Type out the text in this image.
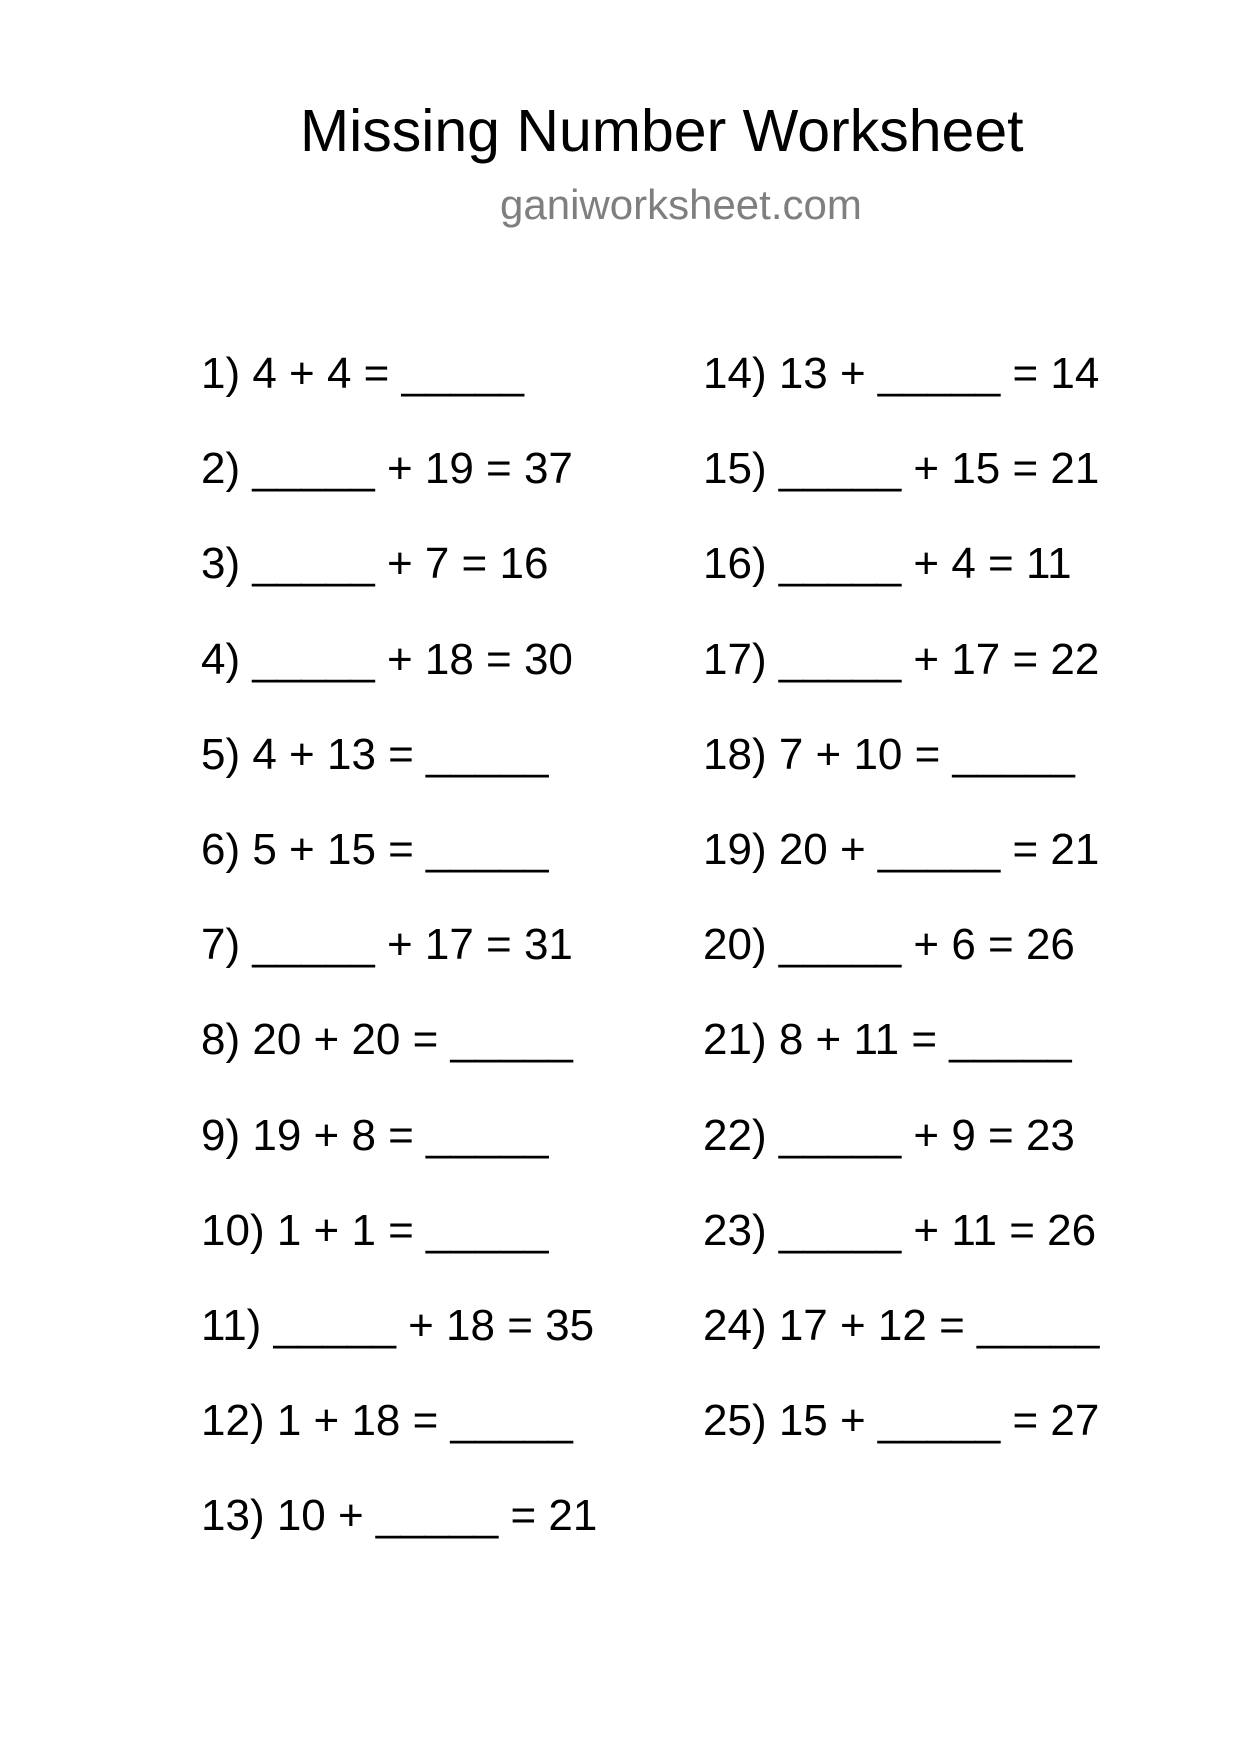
Missing Number Worksheet
ganiworksheet.com
1) 4 + 4 = _____
2) _____ + 19 = 37
3) _____ + 7 = 16
4) _____ + 18 = 30
5) 4 + 13 = _____
6) 5 + 15 = _____
7) _____ + 17 = 31
8) 20 + 20 = _____
9) 19 + 8 = _____
10) 1 + 1 = _____
11) _____ + 18 = 35
12) 1 + 18 = _____
13) 10 + _____ = 21
14) 13 + _____ = 14
15) _____ + 15 = 21
16) _____ + 4 = 11
17) _____ + 17 = 22
18) 7 + 10 = _____
19) 20 + _____ = 21
20) _____ + 6 = 26
21) 8 + 11 = _____
22) _____ + 9 = 23
23) _____ + 11 = 26
24) 17 + 12 = _____
25) 15 + _____ = 27
